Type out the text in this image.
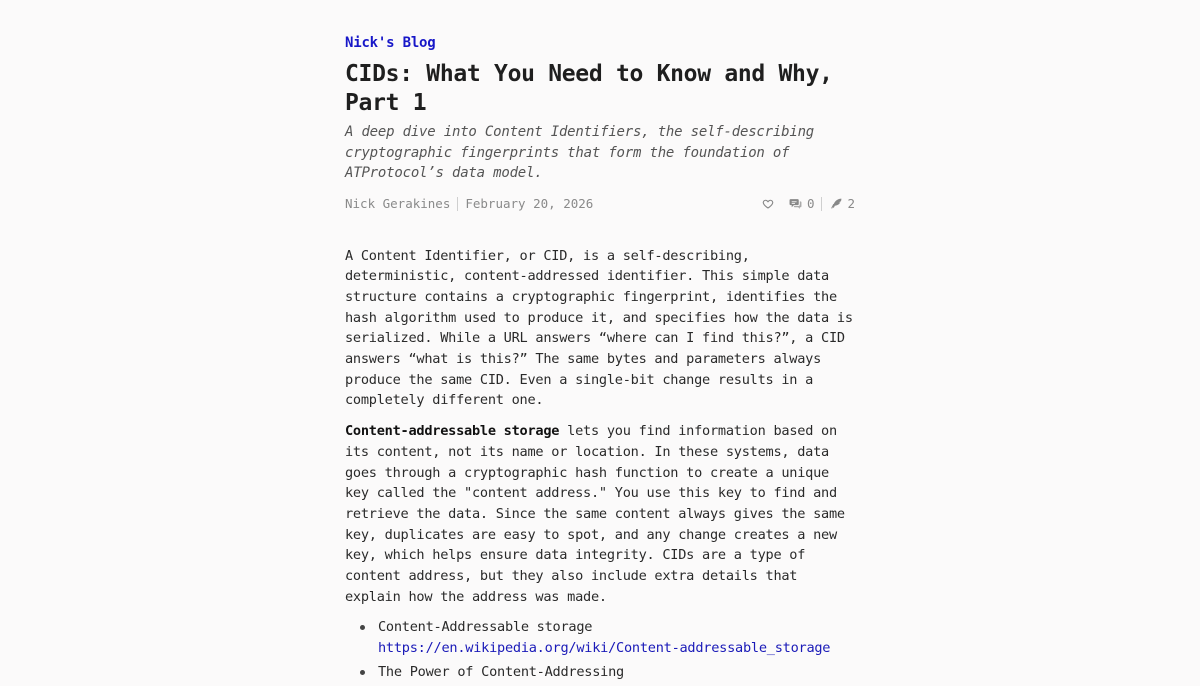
Nick's Blog
CIDs: What You Need to Know and Why, Part 1

A deep dive into Content Identifiers, the self-describing cryptographic fingerprints that form the foundation of ATProtocol’s data model.

Nick Gerakines February 20, 2026	0	2

A Content Identifier, or CID, is a self-describing, deterministic, content-addressed identifier. This simple data structure contains a cryptographic fingerprint, identifies the hash algorithm used to produce it, and specifies how the data is serialized. While a URL answers “where can I find this?”, a CID answers “what is this?” The same bytes and parameters always produce the same CID. Even a single-bit change results in a completely different one.

Content-addressable storage lets you find information based on its content, not its name or location. In these systems, data goes through a cryptographic hash function to create a unique key called the "content address." You use this key to find and retrieve the data. Since the same content always gives the same key, duplicates are easy to spot, and any change creates a new key, which helps ensure data integrity. CIDs are a type of content address, but they also include extra details that explain how the address was made.

Content-Addressable storage
https://en.wikipedia.org/wiki/Content-addressable_storage
The Power of Content-Addressing
